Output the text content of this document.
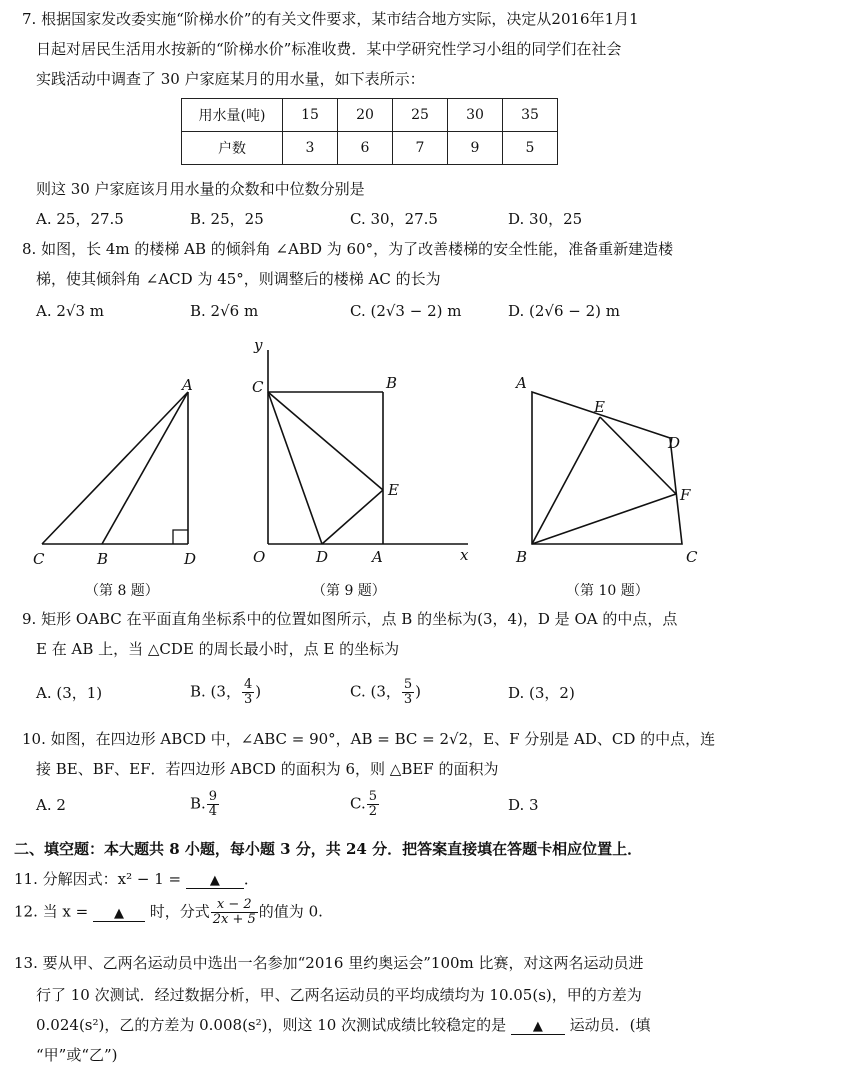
7. 根据国家发改委实施“阶梯水价”的有关文件要求，某市结合地方实际，决定从2016年1月1
日起对居民生活用水按新的“阶梯水价”标准收费．某中学研究性学习小组的同学们在社会
实践活动中调查了 30 户家庭某月的用水量，如下表所示：
用水量(吨)	15	20	25	30	35
户数	3	6	7	9	5
则这 30 户家庭该月用水量的众数和中位数分别是
A. 25，27.5	B. 25，25	C. 30，27.5	D. 30，25
8. 如图，长 4m 的楼梯 AB 的倾斜角 ∠ABD 为 60°，为了改善楼梯的安全性能，准备重新建造楼
梯，使其倾斜角 ∠ACD 为 45°，则调整后的楼梯 AC 的长为
A. 2√3 m	B. 2√6 m	C. (2√3 − 2) m	D. (2√6 − 2) m
A
B
C	D
y
x
O
C	B
E
D	A
A
E
D
F
B	C
（第 8 题）	（第 9 题）	（第 10 题）
9. 矩形 OABC 在平面直角坐标系中的位置如图所示，点 B 的坐标为(3，4)，D 是 OA 的中点，点
E 在 AB 上，当 △CDE 的周长最小时，点 E 的坐标为
A. (3，1)	B. (3， $\frac{4}{3}$ )	C. (3， $\frac{5}{3}$ )	D. (3，2)
10. 如图，在四边形 ABCD 中，∠ABC = 90°，AB = BC = 2√2，E、F 分别是 AD、CD 的中点，连
接 BE、BF、EF．若四边形 ABCD 的面积为 6，则 △BEF 的面积为
A. 2	B. $\frac{9}{4}$	C. $\frac{5}{2}$	D. 3
二、填空题：本大题共 8 小题，每小题 3 分，共 24 分．把答案直接填在答题卡相应位置上．
11. 分解因式：x² − 1 = ▲ ．
12. 当 x = ▲ 时，分式 $\frac{x - 2}{2x + 5}$ 的值为 0.
13. 要从甲、乙两名运动员中选出一名参加“2016 里约奥运会”100m 比赛，对这两名运动员进
行了 10 次测试．经过数据分析，甲、乙两名运动员的平均成绩均为 10.05(s)，甲的方差为
0.024(s²)，乙的方差为 0.008(s²)，则这 10 次测试成绩比较稳定的是 ▲ 运动员．(填
“甲”或“乙”)
